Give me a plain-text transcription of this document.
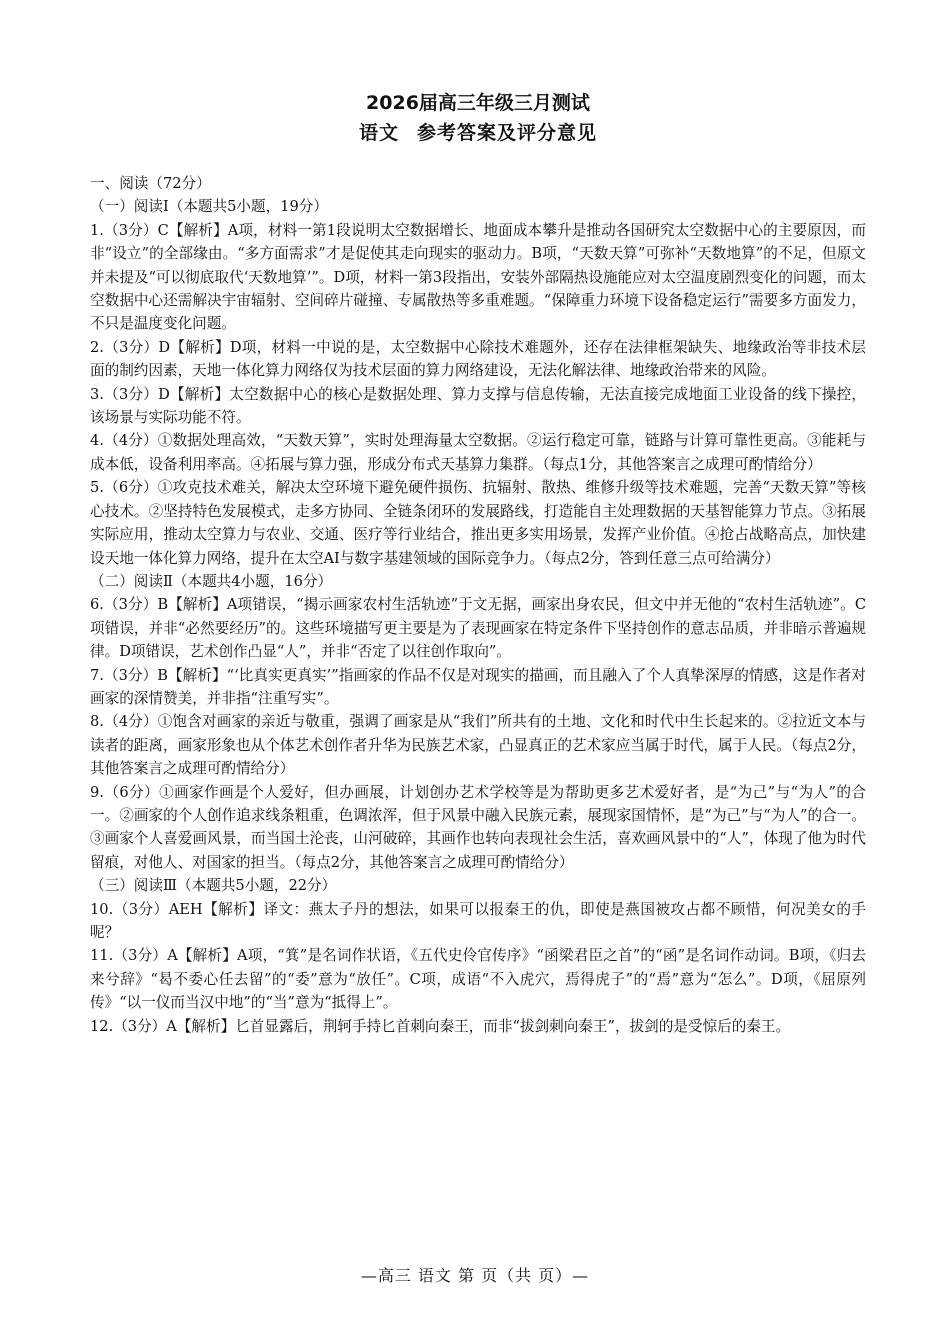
2026届高三年级三月测试
语文 参考答案及评分意见

一、阅读（72分）

（一）阅读Ⅰ（本题共5小题，19分）

1.（3分）C【解析】A项，材料一第1段说明太空数据增长、地面成本攀升是推动各国研究太空数据中心的主要原因，而非“设立”的全部缘由。“多方面需求”才是促使其走向现实的驱动力。B项，“天数天算”可弥补“天数地算”的不足，但原文并未提及“可以彻底取代‘天数地算’”。D项，材料一第3段指出，安装外部隔热设施能应对太空温度剧烈变化的问题，而太空数据中心还需解决宇宙辐射、空间碎片碰撞、专属散热等多重难题。“保障重力环境下设备稳定运行”需要多方面发力，不只是温度变化问题。

2.（3分）D【解析】D项，材料一中说的是，太空数据中心除技术难题外，还存在法律框架缺失、地缘政治等非技术层面的制约因素，天地一体化算力网络仅为技术层面的算力网络建设，无法化解法律、地缘政治带来的风险。

3.（3分）D【解析】太空数据中心的核心是数据处理、算力支撑与信息传输，无法直接完成地面工业设备的线下操控，该场景与实际功能不符。

4.（4分）①数据处理高效，“天数天算”，实时处理海量太空数据。②运行稳定可靠，链路与计算可靠性更高。③能耗与成本低，设备利用率高。④拓展与算力强，形成分布式天基算力集群。（每点1分，其他答案言之成理可酌情给分）

5.（6分）①攻克技术难关，解决太空环境下避免硬件损伤、抗辐射、散热、维修升级等技术难题，完善“天数天算”等核心技术。②坚持特色发展模式，走多方协同、全链条闭环的发展路线，打造能自主处理数据的天基智能算力节点。③拓展实际应用，推动太空算力与农业、交通、医疗等行业结合，推出更多实用场景，发挥产业价值。④抢占战略高点，加快建设天地一体化算力网络，提升在太空AI与数字基建领域的国际竞争力。（每点2分，答到任意三点可给满分）

（二）阅读Ⅱ（本题共4小题，16分）

6.（3分）B【解析】A项错误，“揭示画家农村生活轨迹”于文无据，画家出身农民，但文中并无他的“农村生活轨迹”。C项错误，并非“必然要经历”的。这些环境描写更主要是为了表现画家在特定条件下坚持创作的意志品质，并非暗示普遍规律。D项错误，艺术创作凸显“人”，并非“否定了以往创作取向”。

7.（3分）B【解析】“‘比真实更真实’”指画家的作品不仅是对现实的描画，而且融入了个人真挚深厚的情感，这是作者对画家的深情赞美，并非指“注重写实”。

8.（4分）①饱含对画家的亲近与敬重，强调了画家是从“我们”所共有的土地、文化和时代中生长起来的。②拉近文本与读者的距离，画家形象也从个体艺术创作者升华为民族艺术家，凸显真正的艺术家应当属于时代，属于人民。（每点2分，其他答案言之成理可酌情给分）

9.（6分）①画家作画是个人爱好，但办画展，计划创办艺术学校等是为帮助更多艺术爱好者，是“为己”与“为人”的合一。②画家的个人创作追求线条粗重，色调浓浑，但于风景中融入民族元素，展现家国情怀，是“为己”与“为人”的合一。③画家个人喜爱画风景，而当国土沦丧，山河破碎，其画作也转向表现社会生活，喜欢画风景中的“人”，体现了他为时代留痕，对他人、对国家的担当。（每点2分，其他答案言之成理可酌情给分）

（三）阅读Ⅲ（本题共5小题，22分）

10.（3分）AEH【解析】译文：燕太子丹的想法，如果可以报秦王的仇，即使是燕国被攻占都不顾惜，何况美女的手呢？

11.（3分）A【解析】A项，“箕”是名词作状语，《五代史伶官传序》“函梁君臣之首”的“函”是名词作动词。B项，《归去来兮辞》“曷不委心任去留”的“委”意为“放任”。C项，成语“不入虎穴，焉得虎子”的“焉”意为“怎么”。D项，《屈原列传》“以一仪而当汉中地”的“当”意为“抵得上”。

12.（3分）A【解析】匕首显露后，荆轲手持匕首刺向秦王，而非“拔剑刺向秦王”，拔剑的是受惊后的秦王。

—高三 语文 第 页（共 页）—
